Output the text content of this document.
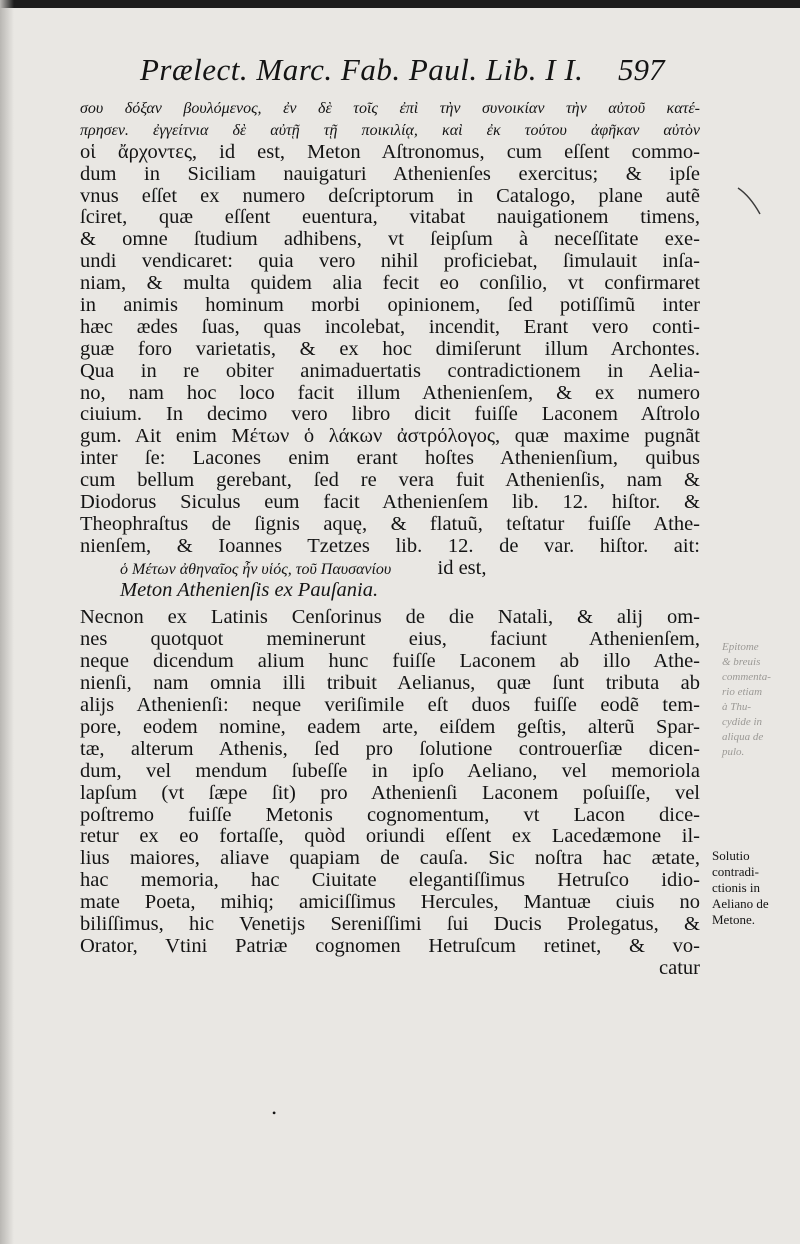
Prælect. Marc. Fab. Paul. Lib. I I.	597
σου δόξαν βουλόμενος, ἐν δὲ τοῖς ἐπὶ τὴν συνοικίαν τὴν αὐτοῦ κατέ-
πρησεν. ἐγγείτνια δὲ αὐτῇ τῇ ποικιλίᾳ, καὶ ἐκ τούτου ἀφῆκαν αὐτὸν
οἱ ἄρχοντες, id est, Meton Aſtronomus, cum eſſent commo-
dum in Siciliam nauigaturi Athenienſes exercitus; & ipſe
vnus eſſet ex numero deſcriptorum in Catalogo, plane autẽ
ſciret, quæ eſſent euentura, vitabat nauigationem timens,
& omne ſtudium adhibens, vt ſeipſum à neceſſitate exe-
undi vendicaret: quia vero nihil proficiebat, ſimulauit inſa-
niam, & multa quidem alia fecit eo conſilio, vt confirmaret
in animis hominum morbi opinionem, ſed potiſſimũ inter
hæc ædes ſuas, quas incolebat, incendit, Erant vero conti-
guæ foro varietatis, & ex hoc dimiſerunt illum Archontes.
Qua in re obiter animaduertatis contradictionem in Aelia-
no, nam hoc loco facit illum Athenienſem, & ex numero
ciuium. In decimo vero libro dicit fuiſſe Laconem Aſtrolo
gum. Ait enim Μέτων ὁ λάκων ἀστρόλογος, quæ maxime pugnãt
inter ſe: Lacones enim erant hoſtes Athenienſium, quibus
cum bellum gerebant, ſed re vera fuit Athenienſis, nam &
Diodorus Siculus eum facit Athenienſem lib. 12. hiſtor. &
Theophraſtus de ſignis aquę, & flatuũ, teſtatur fuiſſe Athe-
nienſem, & Ioannes Tzetzes lib. 12. de var. hiſtor. ait:
ὁ Μέτων ἀθηναῖος ἦν υἱός, τοῦ Παυσανίου id est,
Meton Athenienſis ex Pauſania.
Necnon ex Latinis Cenſorinus de die Natali, & alij om-
nes quotquot meminerunt eius, faciunt Athenienſem,
neque dicendum alium hunc fuiſſe Laconem ab illo Athe-
nienſi, nam omnia illi tribuit Aelianus, quæ ſunt tributa ab
alijs Athenienſi: neque veriſimile eſt duos fuiſſe eodẽ tem-
pore, eodem nomine, eadem arte, eiſdem geſtis, alterũ Spar-
tæ, alterum Athenis, ſed pro ſolutione controuerſiæ dicen-
dum, vel mendum ſubeſſe in ipſo Aeliano, vel memoriola
lapſum (vt ſæpe ſit) pro Athenienſi Laconem poſuiſſe, vel
poſtremo fuiſſe Metonis cognomentum, vt Lacon dice-
retur ex eo fortaſſe, quòd oriundi eſſent ex Lacedæmone il-
lius maiores, aliave quapiam de cauſa. Sic noſtra hac ætate,
hac memoria, hac Ciuitate elegantiſſimus Hetruſco idio-
mate Poeta, mihiq; amiciſſimus Hercules, Mantuæ ciuis no
biliſſimus, hic Venetijs Sereniſſimi ſui Ducis Prolegatus, &
Orator, Vtini Patriæ cognomen Hetruſcum retinet, & vo-
catur
Epitome
& breuis
commenta-
rio etiam
à Thu-
cydide in
aliqua de
pulo.
Solutio
contradi-
ctionis in
Aeliano de
Metone.
•
